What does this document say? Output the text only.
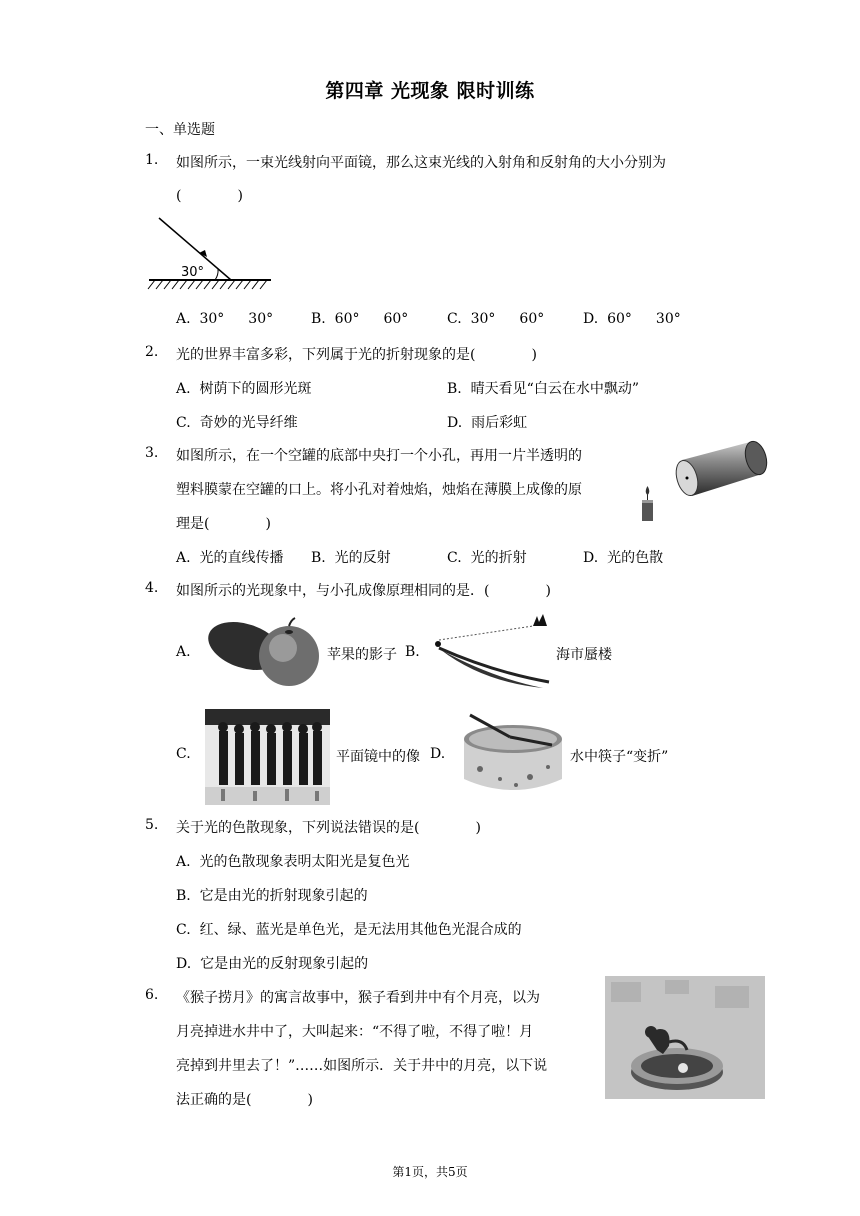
第四章 光现象 限时训练
一、单选题
1. 如图所示，一束光线射向平面镜，那么这束光线的入射角和反射角的大小分别为
(　　　　)
30°
A. 30° 30°	B. 60° 60°	C. 30° 60°	D. 60° 30°
2. 光的世界丰富多彩，下列属于光的折射现象的是(　　　　)
A. 树荫下的圆形光斑	B. 晴天看见“白云在水中飘动”
C. 奇妙的光导纤维	D. 雨后彩虹
3. 如图所示，在一个空罐的底部中央打一个小孔，再用一片半透明的
塑料膜蒙在空罐的口上。将小孔对着烛焰，烛焰在薄膜上成像的原
理是(　　　　)
A. 光的直线传播 B. 光的反射	C. 光的折射	D. 光的色散
4. 如图所示的光现象中，与小孔成像原理相同的是．(　　　　)
A.	苹果的影子 B.	海市蜃楼
C.	平面镜中的像 D.	水中筷子“变折”
5. 关于光的色散现象，下列说法错误的是(　　　　)
A. 光的色散现象表明太阳光是复色光
B. 它是由光的折射现象引起的
C. 红、绿、蓝光是单色光，是无法用其他色光混合成的
D. 它是由光的反射现象引起的
6. 《猴子捞月》的寓言故事中，猴子看到井中有个月亮，以为
月亮掉进水井中了，大叫起来：“不得了啦，不得了啦！月
亮掉到井里去了！”……如图所示．关于井中的月亮，以下说
法正确的是(　　　　)
第1页，共5页
